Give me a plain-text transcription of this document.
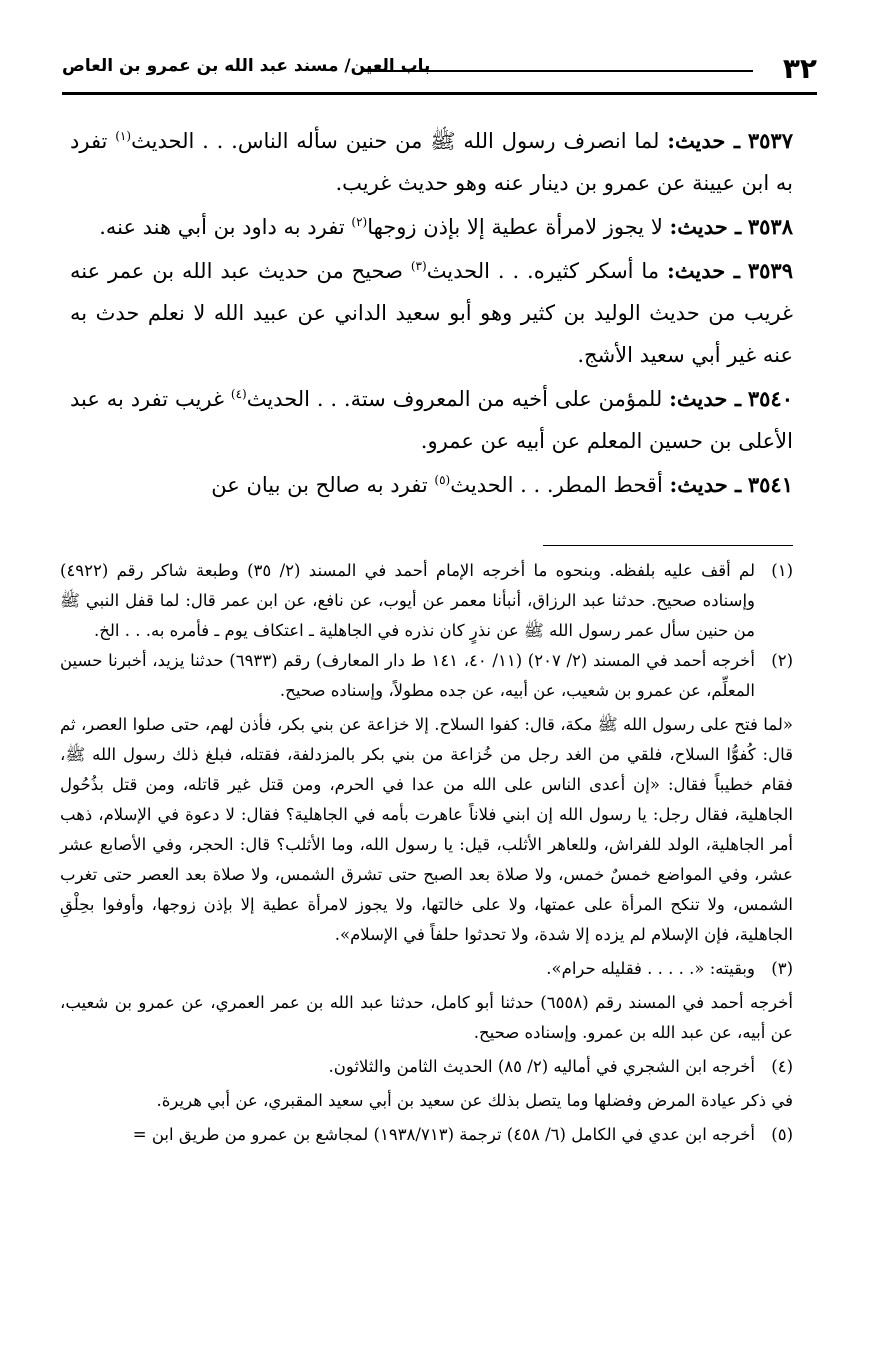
٣٢
باب العين/ مسند عبد الله بن عمرو بن العاص

٣٥٣٧ ـ حديث: لما انصرف رسول الله ﷺ من حنين سأله الناس. . . الحديث$^{(١)}$ تفرد به ابن عيينة عن عمرو بن دينار عنه وهو حديث غريب.

٣٥٣٨ ـ حديث: لا يجوز لامرأة عطية إلا بإذن زوجها$^{(٢)}$ تفرد به داود بن أبي هند عنه.

٣٥٣٩ ـ حديث: ما أسكر كثيره. . . الحديث$^{(٣)}$ صحيح من حديث عبد الله بن عمر عنه غريب من حديث الوليد بن كثير وهو أبو سعيد الداني عن عبيد الله لا نعلم حدث به عنه غير أبي سعيد الأشج.

٣٥٤٠ ـ حديث: للمؤمن على أخيه من المعروف ستة. . . الحديث$^{(٤)}$ غريب تفرد به عبد الأعلى بن حسين المعلم عن أبيه عن عمرو.

٣٥٤١ ـ حديث: أقحط المطر. . . الحديث$^{(٥)}$ تفرد به صالح بن بيان عن

(١)
لم أقف عليه بلفظه. وبنحوه ما أخرجه الإمام أحمد في المسند (٢/ ٣٥) وطبعة شاكر رقم (٤٩٢٢) وإسناده صحيح. حدثنا عبد الرزاق، أنبأنا معمر عن أيوب، عن نافع، عن ابن عمر قال: لما قفل النبي ﷺ من حنين سأل عمر رسول الله ﷺ عن نذرٍ كان نذره في الجاهلية ـ اعتكاف يوم ـ فأمره به. . . الخ.

(٢)
أخرجه أحمد في المسند (٢/ ٢٠٧) (١١/ ٤٠، ١٤١ ط دار المعارف) رقم (٦٩٣٣) حدثنا يزيد، أخبرنا حسين المعلِّم، عن عمرو بن شعيب، عن أبيه، عن جده مطولاً، وإسناده صحيح.

«لما فتح على رسول الله ﷺ مكة، قال: كفوا السلاح. إلا خزاعة عن بني بكر، فأذن لهم، حتى صلوا العصر، ثم قال: كُفوُّا السلاح، فلقي من الغد رجل من خُزاعة من بني بكر بالمزدلفة، فقتله، فبلغ ذلك رسول الله ﷺ، فقام خطيباً فقال: «إن أعدى الناس على الله من عدا في الحرم، ومن قتل غير قاتله، ومن قتل بذُحُول الجاهلية، فقال رجل: يا رسول الله إن ابني فلاناً عاهرت بأمه في الجاهلية؟ فقال: لا دعوة في الإسلام، ذهب أمر الجاهلية، الولد للفراش، وللعاهر الأثلب، قيل: يا رسول الله، وما الأثلب؟ قال: الحجر، وفي الأصابع عشر عشر، وفي المواضع خمسٌ خمس، ولا صلاة بعد الصبح حتى تشرق الشمس، ولا صلاة بعد العصر حتى تغرب الشمس، ولا تنكح المرأة على عمتها، ولا على خالتها، ولا يجوز لامرأة عطية إلا بإذن زوجها، وأوفوا بحِلْقِ الجاهلية، فإن الإسلام لم يزده إلا شدة، ولا تحدثوا حلفاً في الإسلام».

(٣)
وبقيته: «. . . . . فقليله حرام».

أخرجه أحمد في المسند رقم (٦٥٥٨) حدثنا أبو كامل، حدثنا عبد الله بن عمر العمري، عن عمرو بن شعيب، عن أبيه، عن عبد الله بن عمرو. وإسناده صحيح.

(٤)
أخرجه ابن الشجري في أماليه (٢/ ٨٥) الحديث الثامن والثلاثون.

في ذكر عيادة المرض وفضلها وما يتصل بذلك عن سعيد بن أبي سعيد المقبري، عن أبي هريرة.

(٥)
أخرجه ابن عدي في الكامل (٦/ ٤٥٨) ترجمة (١٩٣٨/٧١٣) لمجاشع بن عمرو من طريق ابن =
